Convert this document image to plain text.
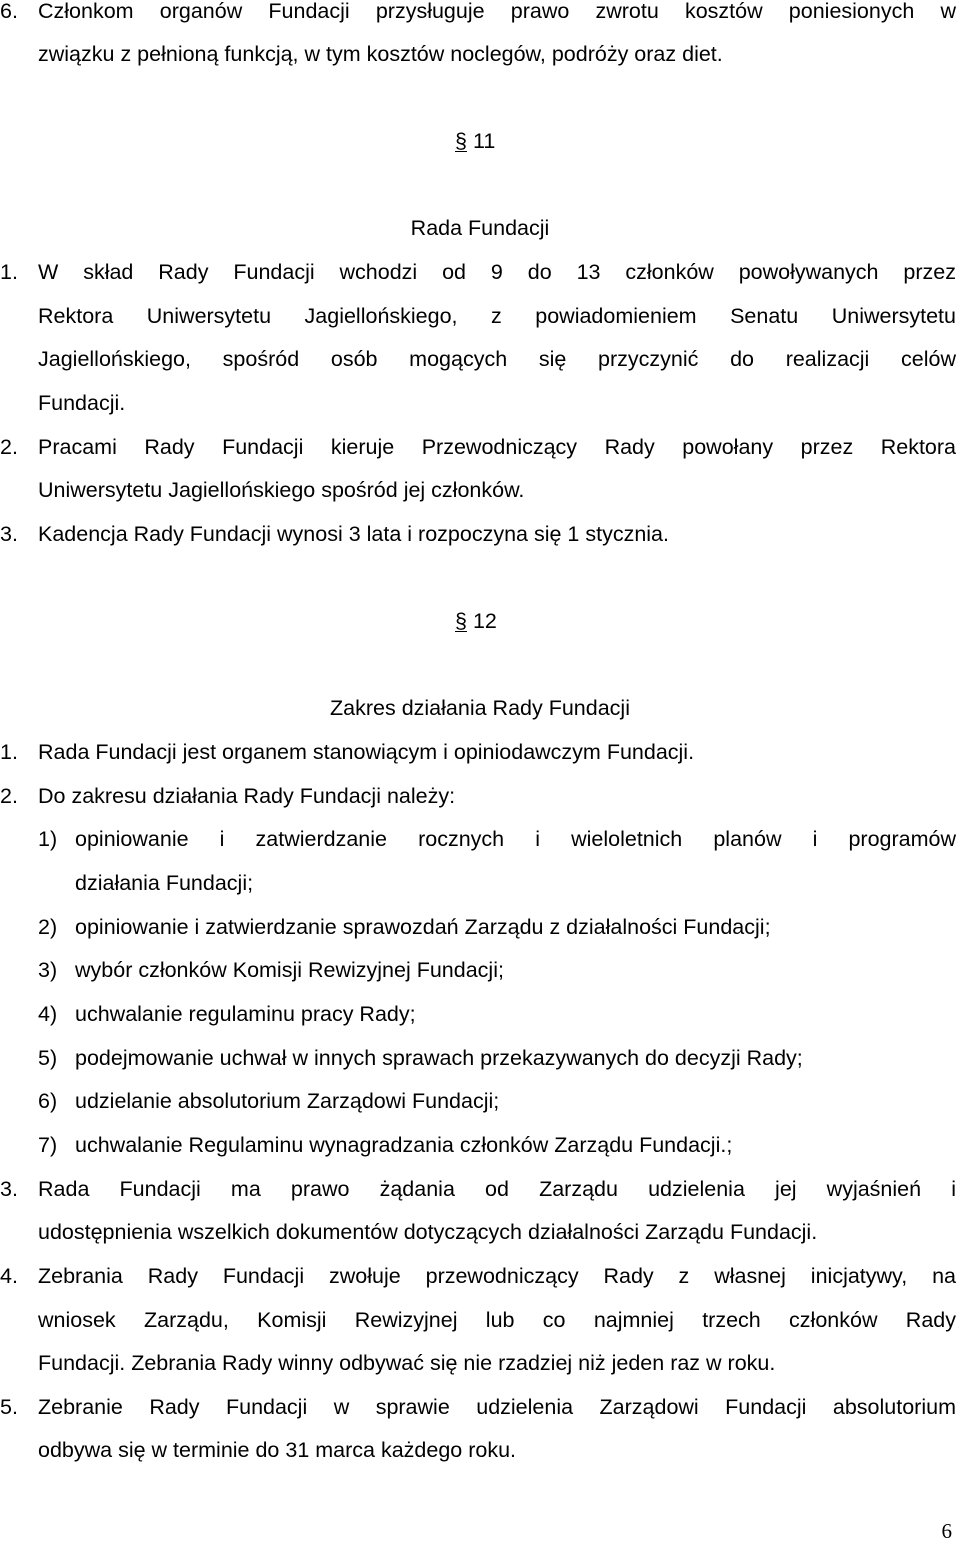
6. Członkom organów Fundacji przysługuje prawo zwrotu kosztów poniesionych w
związku z pełnioną funkcją, w tym kosztów noclegów, podróży oraz diet.
§ 11
Rada Fundacji
1. W skład Rady Fundacji wchodzi od 9 do 13 członków powoływanych przez
Rektora Uniwersytetu Jagiellońskiego, z powiadomieniem Senatu Uniwersytetu
Jagiellońskiego, spośród osób mogących się przyczynić do realizacji celów
Fundacji.
2. Pracami Rady Fundacji kieruje Przewodniczący Rady powołany przez Rektora
Uniwersytetu Jagiellońskiego spośród jej członków.
3. Kadencja Rady Fundacji wynosi 3 lata i rozpoczyna się 1 stycznia.
§ 12
Zakres działania Rady Fundacji
1. Rada Fundacji jest organem stanowiącym i opiniodawczym Fundacji.
2. Do zakresu działania Rady Fundacji należy:
1) opiniowanie i zatwierdzanie rocznych i wieloletnich planów i programów
działania Fundacji;
2) opiniowanie i zatwierdzanie sprawozdań Zarządu z działalności Fundacji;
3) wybór członków Komisji Rewizyjnej Fundacji;
4) uchwalanie regulaminu pracy Rady;
5) podejmowanie uchwał w innych sprawach przekazywanych do decyzji Rady;
6) udzielanie absolutorium Zarządowi Fundacji;
7) uchwalanie Regulaminu wynagradzania członków Zarządu Fundacji.;
3. Rada Fundacji ma prawo żądania od Zarządu udzielenia jej wyjaśnień i
udostępnienia wszelkich dokumentów dotyczących działalności Zarządu Fundacji.
4. Zebrania Rady Fundacji zwołuje przewodniczący Rady z własnej inicjatywy, na
wniosek Zarządu, Komisji Rewizyjnej lub co najmniej trzech członków Rady
Fundacji. Zebrania Rady winny odbywać się nie rzadziej niż jeden raz w roku.
5. Zebranie Rady Fundacji w sprawie udzielenia Zarządowi Fundacji absolutorium
odbywa się w terminie do 31 marca każdego roku.
6
